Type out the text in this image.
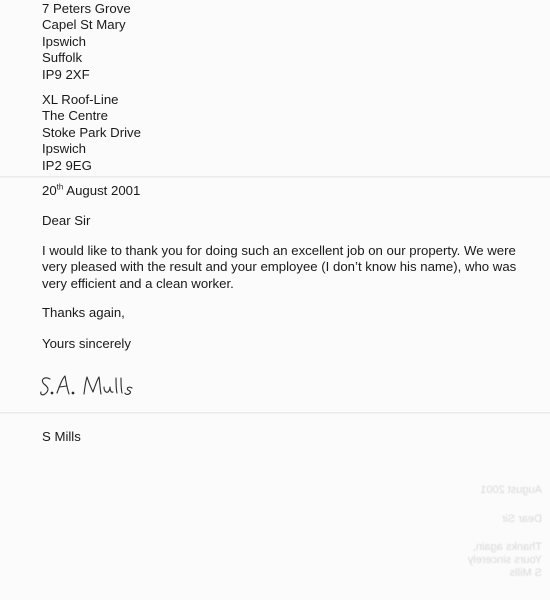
7 Peters Grove
Capel St Mary
Ipswich
Suffolk
IP9 2XF
XL Roof-Line
The Centre
Stoke Park Drive
Ipswich
IP2 9EG
20th August 2001
Dear Sir
I would like to thank you for doing such an excellent job on our property. We were very pleased with the result and your employee (I don’t know his name), who was very efficient and a clean worker.
Thanks again,
Yours sincerely
S Mills
August 2001
Dear Sir
Thanks again,
Yours sincerely
S Mills
